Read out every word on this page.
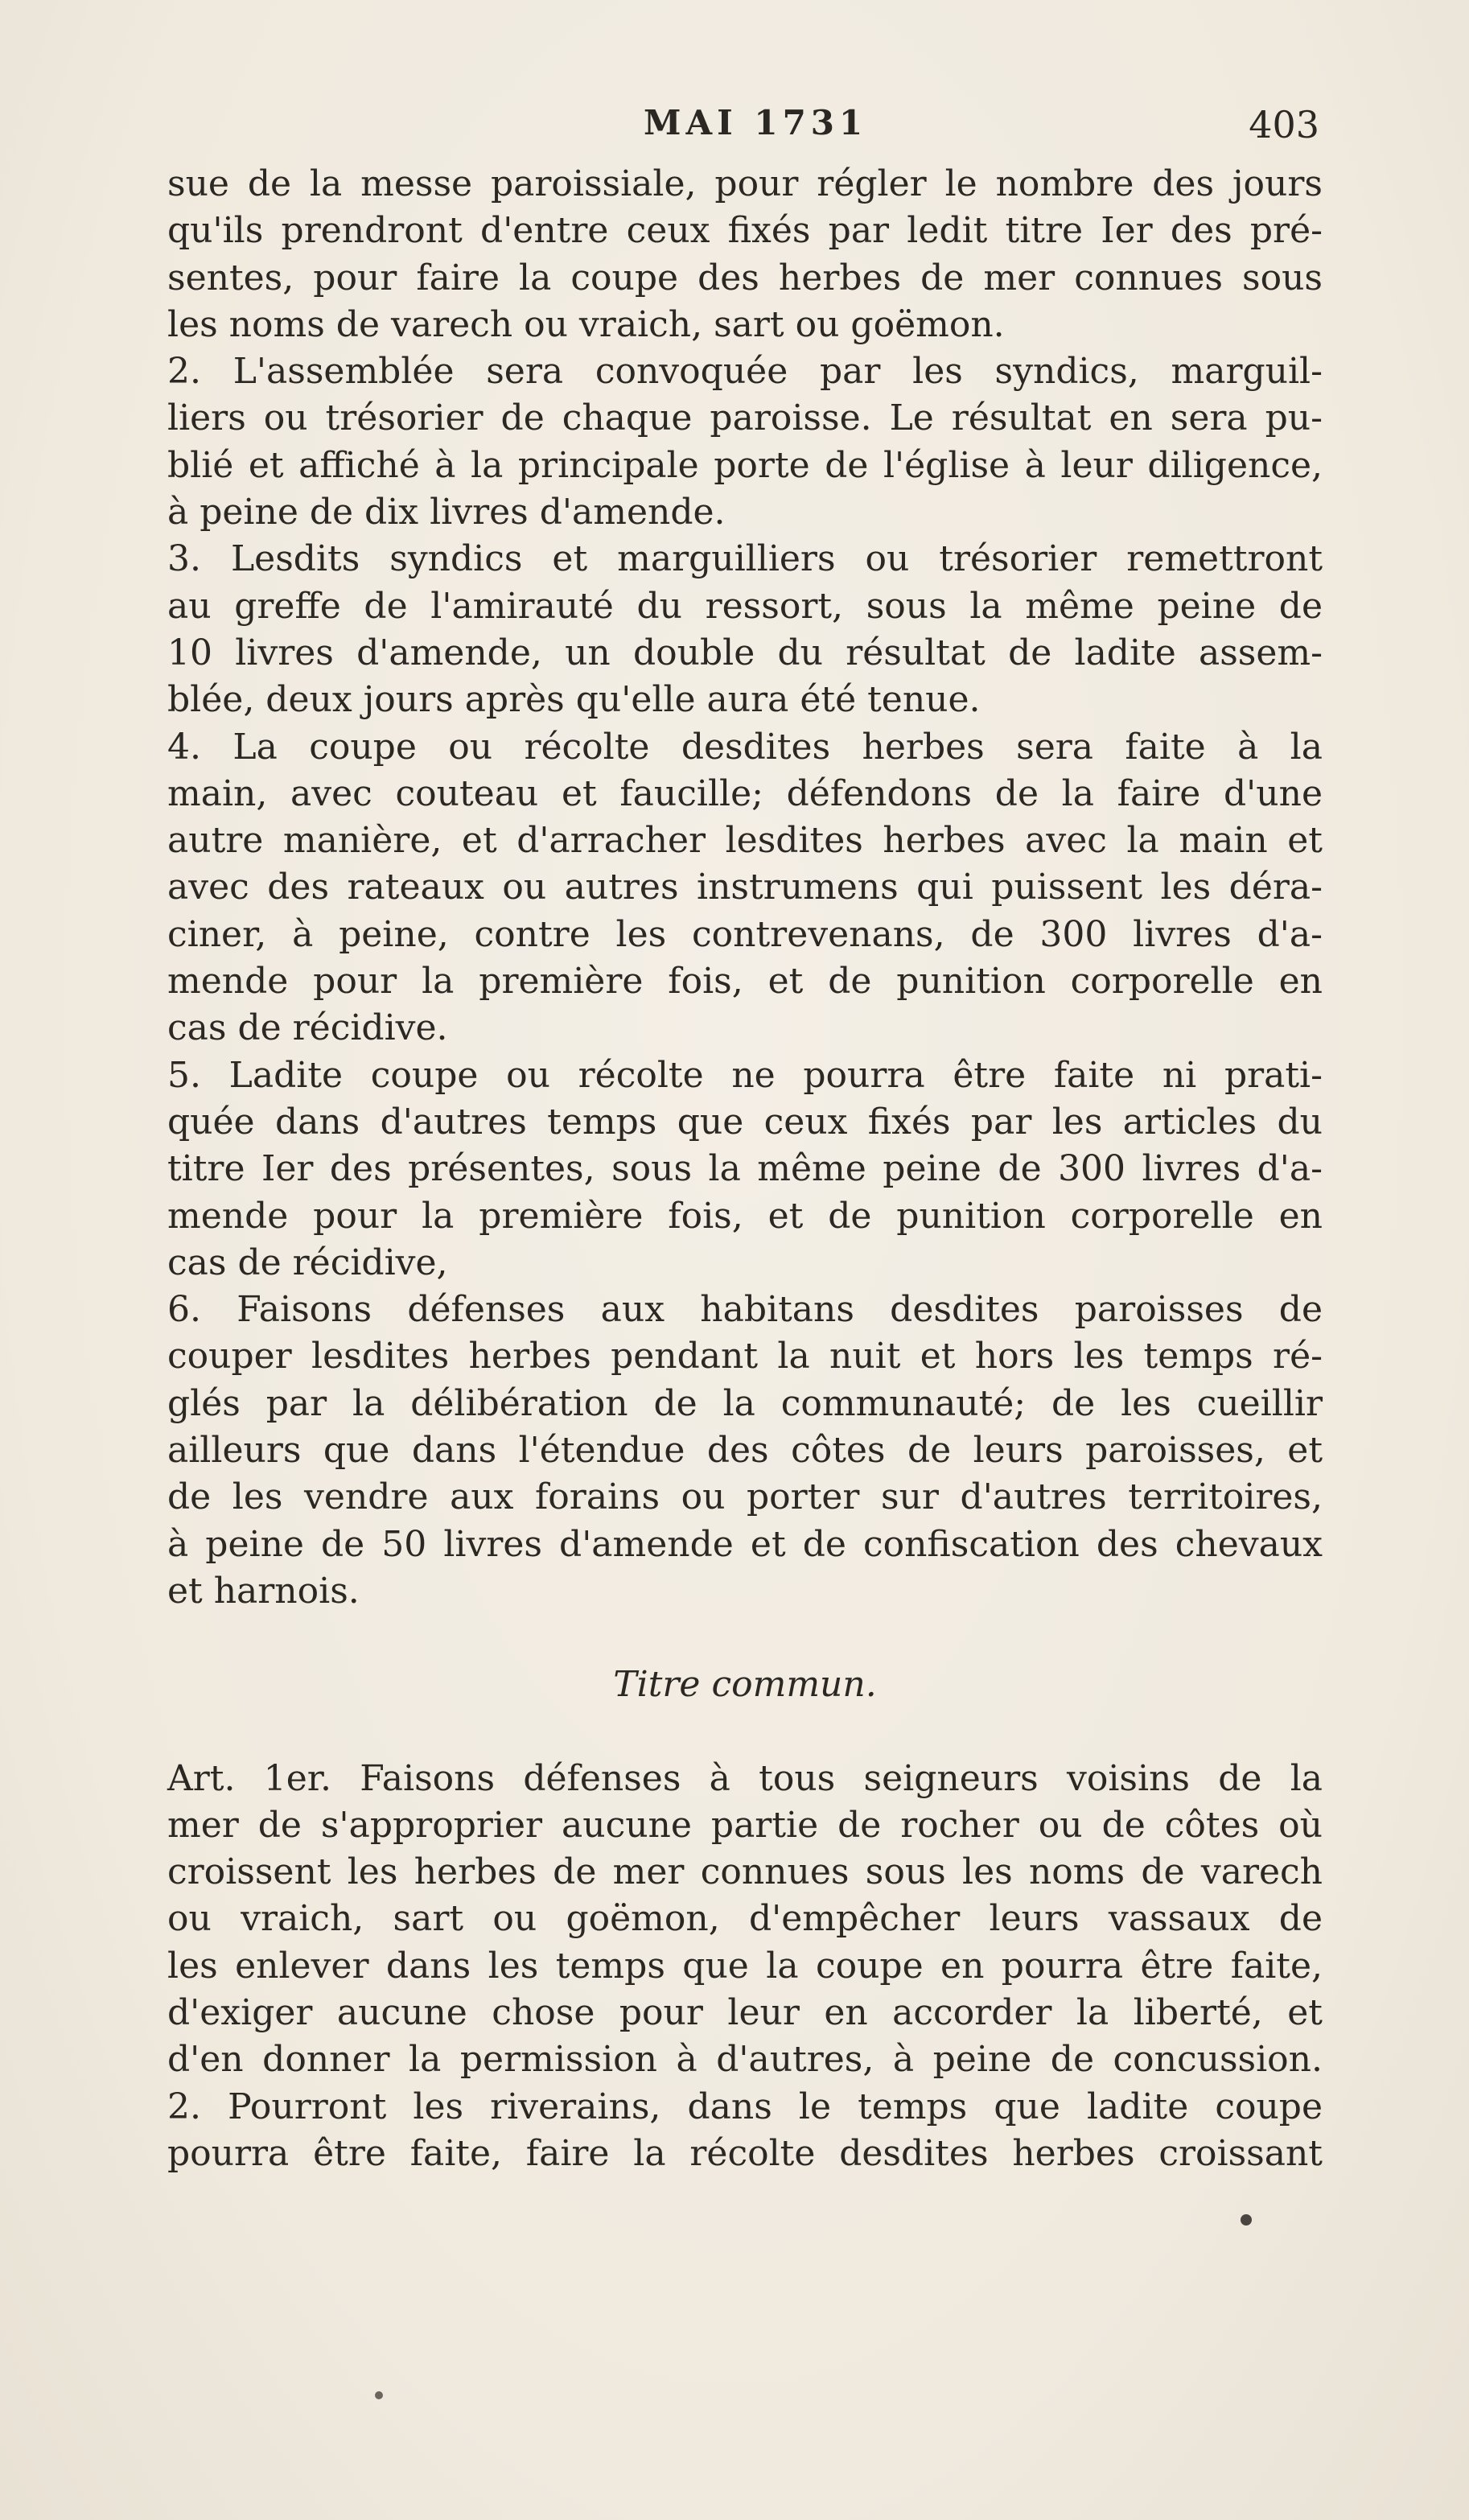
MAI 1731	403
sue de la messe paroissiale, pour régler le nombre des jours
qu'ils prendront d'entre ceux fixés par ledit titre Ier des pré-
sentes, pour faire la coupe des herbes de mer connues sous
les noms de varech ou vraich, sart ou goëmon.
2. L'assemblée sera convoquée par les syndics, marguil-
liers ou trésorier de chaque paroisse. Le résultat en sera pu-
blié et affiché à la principale porte de l'église à leur diligence,
à peine de dix livres d'amende.
3. Lesdits syndics et marguilliers ou trésorier remettront
au greffe de l'amirauté du ressort, sous la même peine de
10 livres d'amende, un double du résultat de ladite assem-
blée, deux jours après qu'elle aura été tenue.
4. La coupe ou récolte desdites herbes sera faite à la
main, avec couteau et faucille; défendons de la faire d'une
autre manière, et d'arracher lesdites herbes avec la main et
avec des rateaux ou autres instrumens qui puissent les déra-
ciner, à peine, contre les contrevenans, de 300 livres d'a-
mende pour la première fois, et de punition corporelle en
cas de récidive.
5. Ladite coupe ou récolte ne pourra être faite ni prati-
quée dans d'autres temps que ceux fixés par les articles du
titre Ier des présentes, sous la même peine de 300 livres d'a-
mende pour la première fois, et de punition corporelle en
cas de récidive,
6. Faisons défenses aux habitans desdites paroisses de
couper lesdites herbes pendant la nuit et hors les temps ré-
glés par la délibération de la communauté; de les cueillir
ailleurs que dans l'étendue des côtes de leurs paroisses, et
de les vendre aux forains ou porter sur d'autres territoires,
à peine de 50 livres d'amende et de confiscation des chevaux
et harnois.
Titre commun.
Art. 1er. Faisons défenses à tous seigneurs voisins de la
mer de s'approprier aucune partie de rocher ou de côtes où
croissent les herbes de mer connues sous les noms de varech
ou vraich, sart ou goëmon, d'empêcher leurs vassaux de
les enlever dans les temps que la coupe en pourra être faite,
d'exiger aucune chose pour leur en accorder la liberté, et
d'en donner la permission à d'autres, à peine de concussion.
2. Pourront les riverains, dans le temps que ladite coupe
pourra être faite, faire la récolte desdites herbes croissant
